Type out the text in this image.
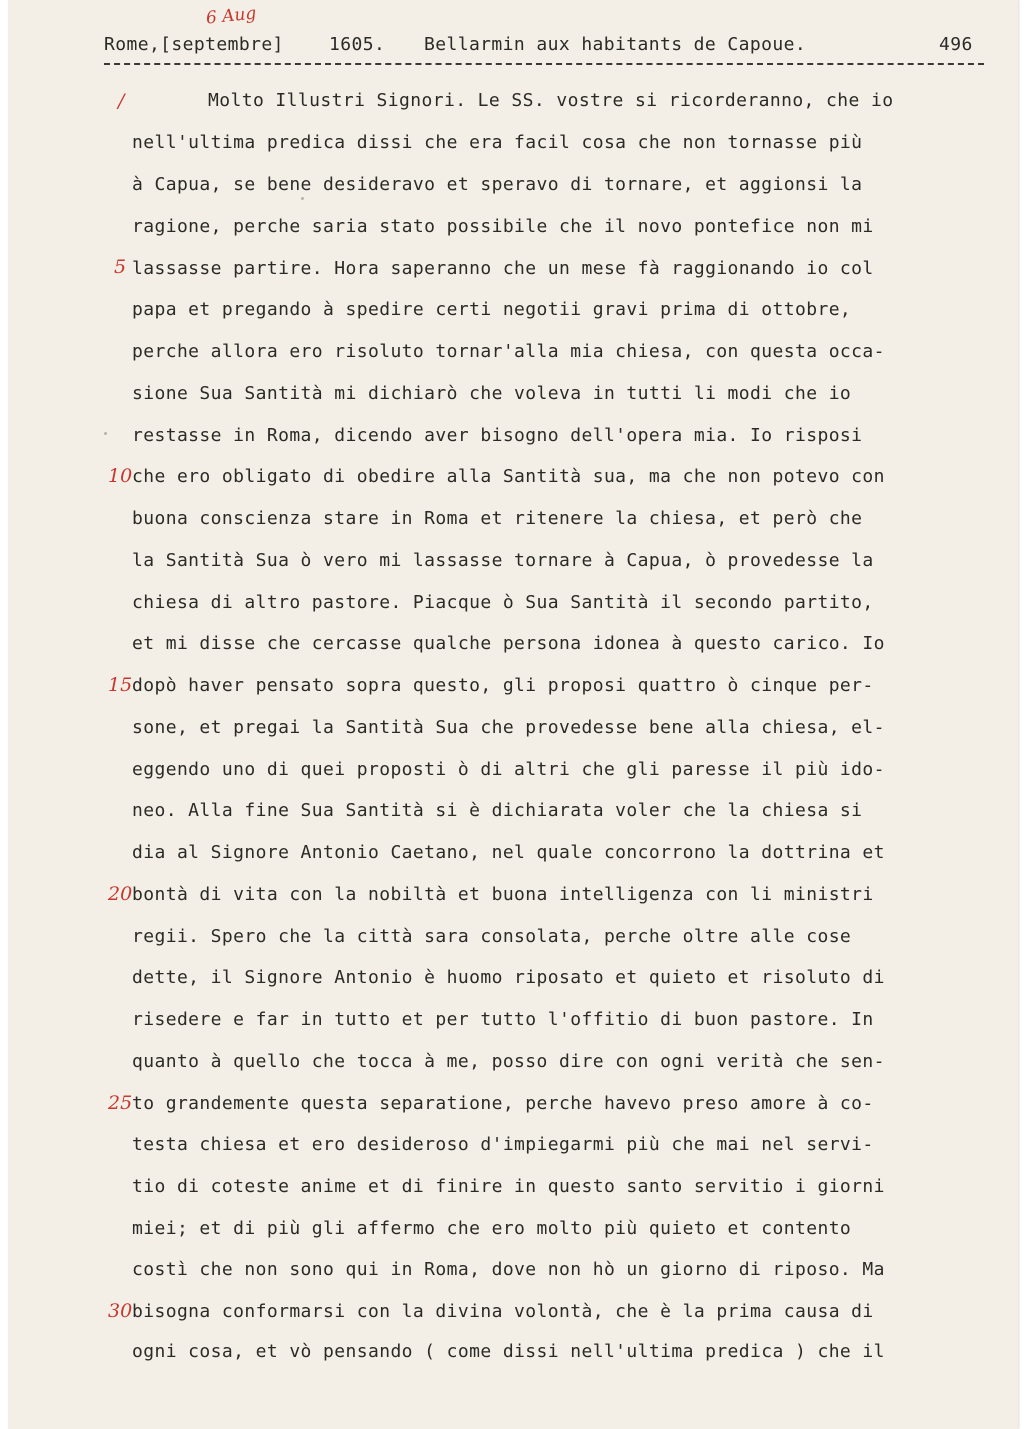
6 Aug
Rome,[septembre]	1605. Bellarmin aux habitants de Capoue.	496
Molto Illustri Signori. Le SS. vostre si ricorderanno, che io
nell'ultima predica dissi che era facil cosa che non tornasse più
à Capua, se bene desideravo et speravo di tornare, et aggionsi la
ragione, perche saria stato possibile che il novo pontefice non mi
lassasse partire. Hora saperanno che un mese fà raggionando io col
papa et pregando à spedire certi negotii gravi prima di ottobre,
perche allora ero risoluto tornar'alla mia chiesa, con questa occa-
sione Sua Santità mi dichiarò che voleva in tutti li modi che io
restasse in Roma, dicendo aver bisogno dell'opera mia. Io risposi
che ero obligato di obedire alla Santità sua, ma che non potevo con
buona conscienza stare in Roma et ritenere la chiesa, et però che
la Santità Sua ò vero mi lassasse tornare à Capua, ò provedesse la
chiesa di altro pastore. Piacque ò Sua Santità il secondo partito,
et mi disse che cercasse qualche persona idonea à questo carico. Io
dopò haver pensato sopra questo, gli proposi quattro ò cinque per-
sone, et pregai la Santità Sua che provedesse bene alla chiesa, el-
eggendo uno di quei proposti ò di altri che gli paresse il più ido-
neo. Alla fine Sua Santità si è dichiarata voler che la chiesa si
dia al Signore Antonio Caetano, nel quale concorrono la dottrina et
bontà di vita con la nobiltà et buona intelligenza con li ministri
regii. Spero che la città sara consolata, perche oltre alle cose
dette, il Signore Antonio è huomo riposato et quieto et risoluto di
risedere e far in tutto et per tutto l'offitio di buon pastore. In
quanto à quello che tocca à me, posso dire con ogni verità che sen-
to grandemente questa separatione, perche havevo preso amore à co-
testa chiesa et ero desideroso d'impiegarmi più che mai nel servi-
tio di coteste anime et di finire in questo santo servitio i giorni
miei; et di più gli affermo che ero molto più quieto et contento
costì che non sono qui in Roma, dove non hò un giorno di riposo. Ma
bisogna conformarsi con la divina volontà, che è la prima causa di
ogni cosa, et vò pensando ( come dissi nell'ultima predica ) che il
/
5
10
15
20
25
30
